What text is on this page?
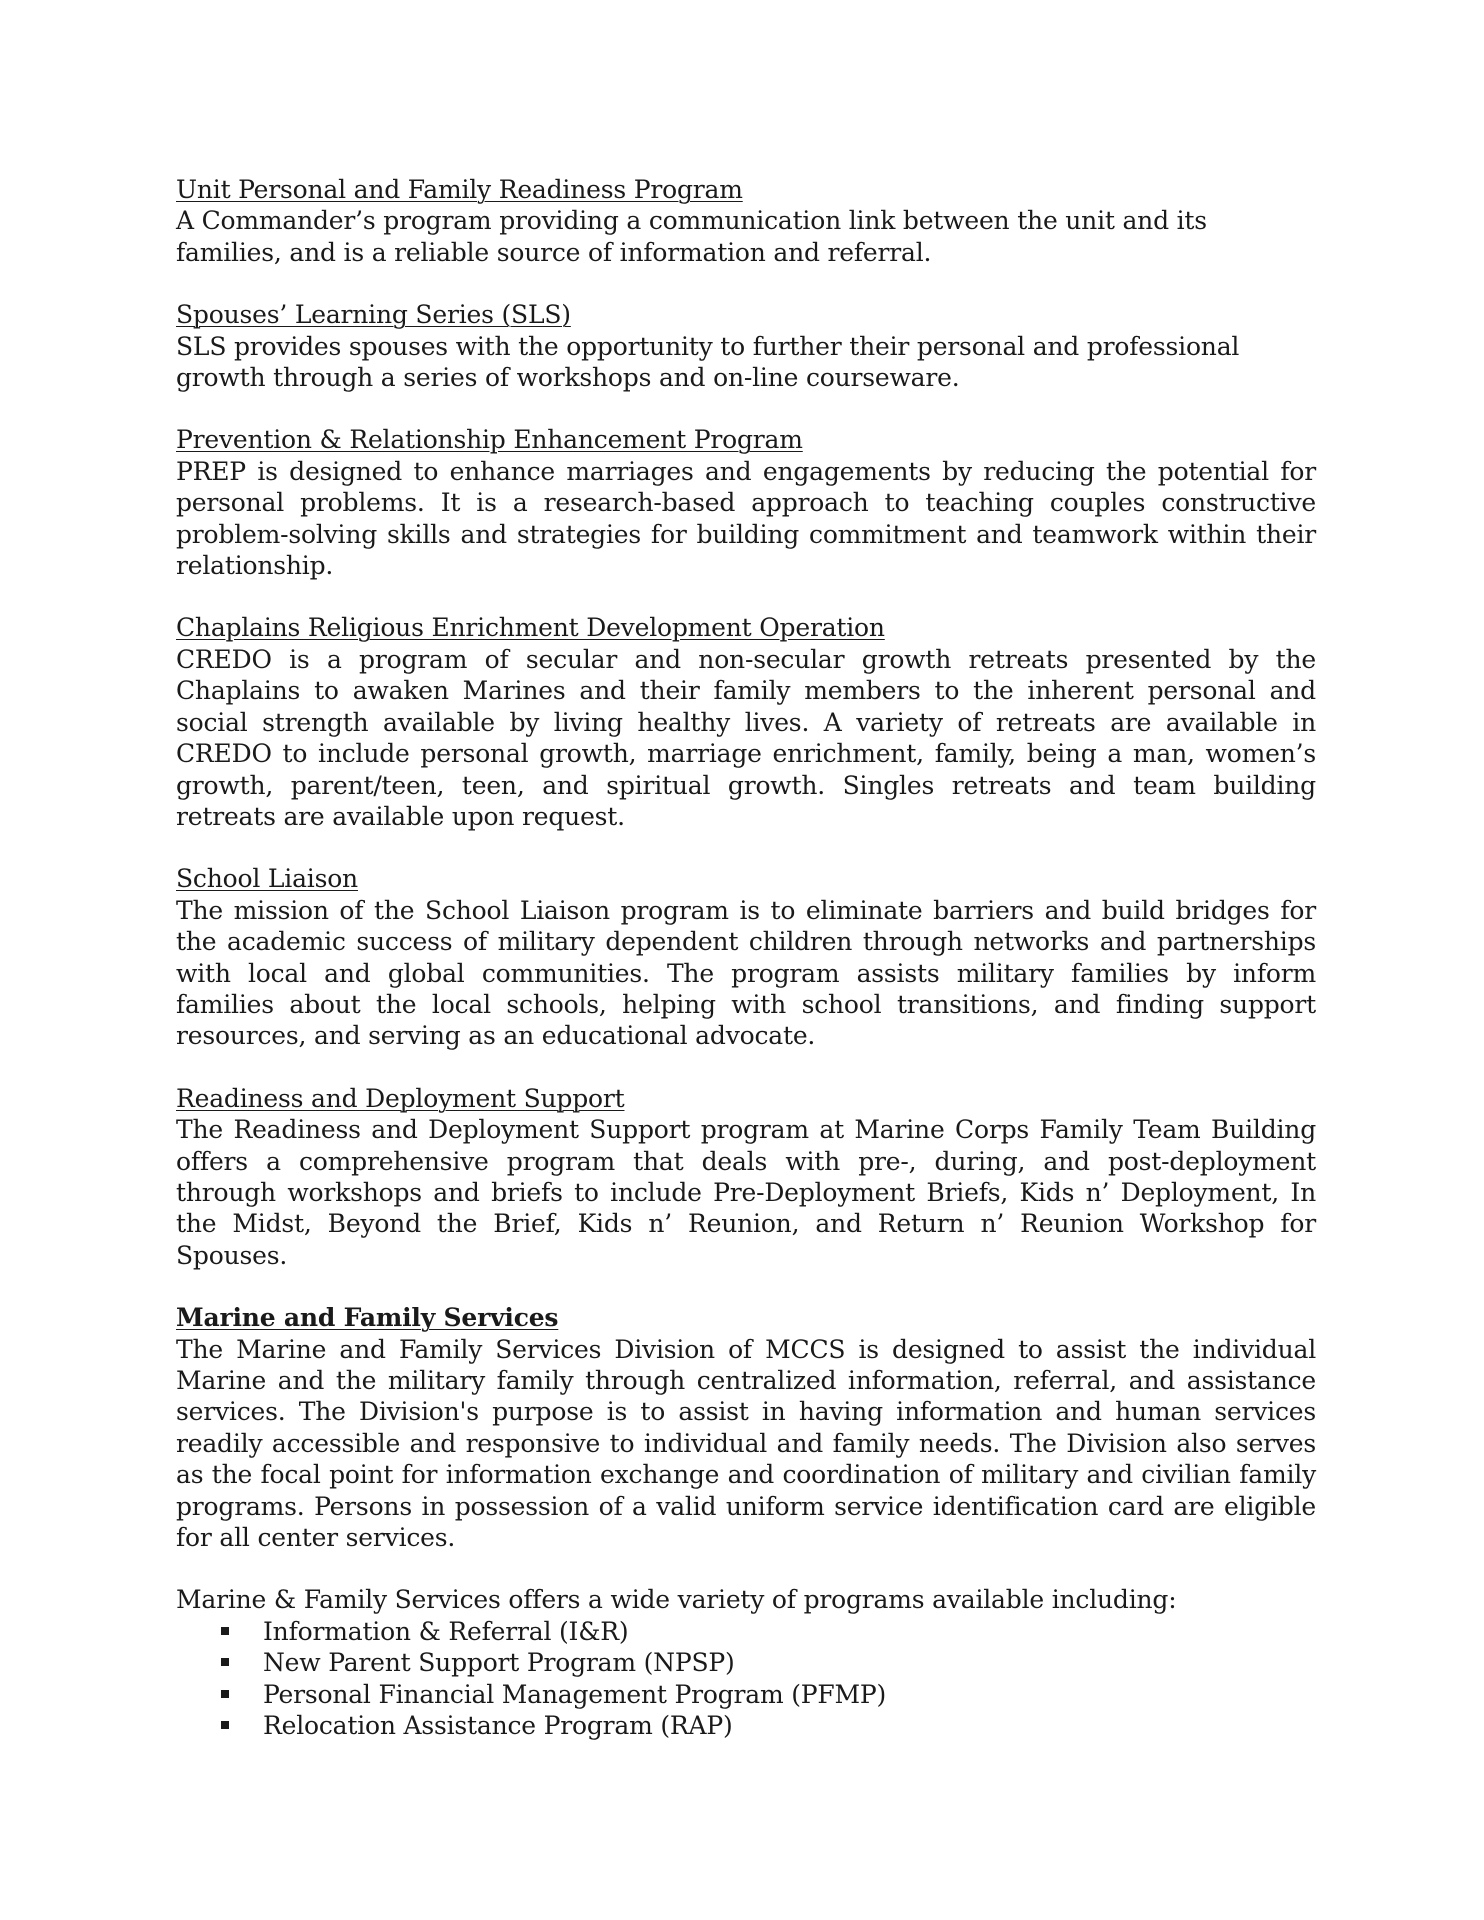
Unit Personal and Family Readiness Program

A Commander’s program providing a communication link between the unit and its families, and is a reliable source of information and referral.

Spouses’ Learning Series (SLS)

SLS provides spouses with the opportunity to further their personal and professional growth through a series of workshops and on-line courseware.

Prevention & Relationship Enhancement Program

PREP is designed to enhance marriages and engagements by reducing the potential for personal problems. It is a research-based approach to teaching couples constructive problem-solving skills and strategies for building commitment and teamwork within their relationship.

Chaplains Religious Enrichment Development Operation

CREDO is a program of secular and non-secular growth retreats presented by the Chaplains to awaken Marines and their family members to the inherent personal and social strength available by living healthy lives. A variety of retreats are available in CREDO to include personal growth, marriage enrichment, family, being a man, women’s growth, parent/teen, teen, and spiritual growth. Singles retreats and team building retreats are available upon request.

School Liaison

The mission of the School Liaison program is to eliminate barriers and build bridges for the academic success of military dependent children through networks and partnerships with local and global communities. The program assists military families by inform families about the local schools, helping with school transitions, and finding support resources, and serving as an educational advocate.

Readiness and Deployment Support

The Readiness and Deployment Support program at Marine Corps Family Team Building offers a comprehensive program that deals with pre-, during, and post-deployment through workshops and briefs to include Pre-Deployment Briefs, Kids n’ Deployment, In the Midst, Beyond the Brief, Kids n’ Reunion, and Return n’ Reunion Workshop for Spouses.

Marine and Family Services

The Marine and Family Services Division of MCCS is designed to assist the individual Marine and the military family through centralized information, referral, and assistance services. The Division's purpose is to assist in having information and human services readily accessible and responsive to individual and family needs. The Division also serves as the focal point for information exchange and coordination of military and civilian family programs. Persons in possession of a valid uniform service identification card are eligible for all center services.

Marine & Family Services offers a wide variety of programs available including:

Information & Referral (I&R)
New Parent Support Program (NPSP)
Personal Financial Management Program (PFMP)
Relocation Assistance Program (RAP)
